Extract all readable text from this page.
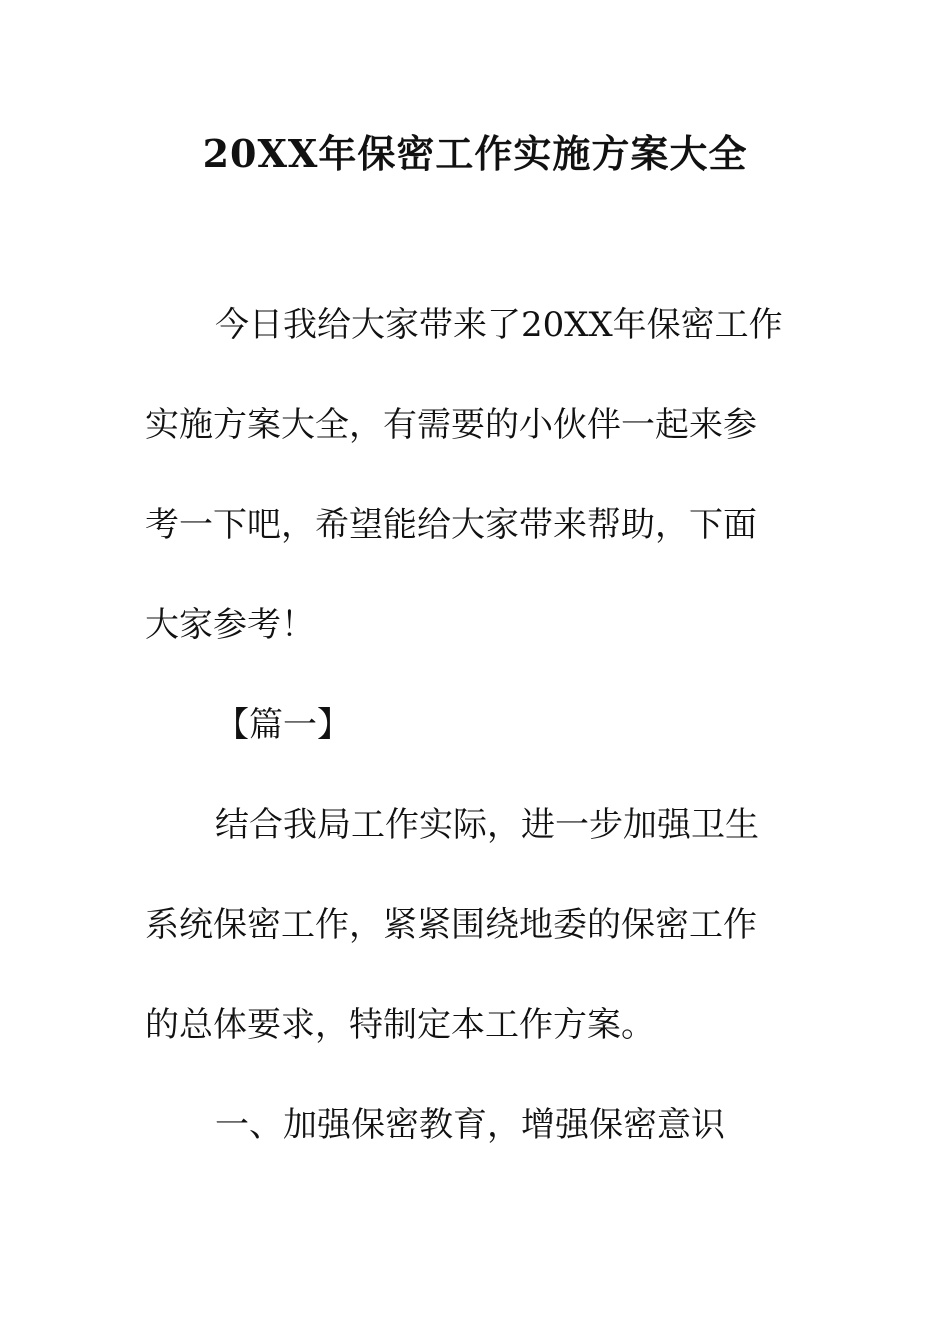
20XX年保密工作实施方案大全

今日我给大家带来了20XX年保密工作

实施方案大全，有需要的小伙伴一起来参

考一下吧，希望能给大家带来帮助，下面

大家参考！

【篇一】

结合我局工作实际，进一步加强卫生

系统保密工作，紧紧围绕地委的保密工作

的总体要求，特制定本工作方案。

一、加强保密教育，增强保密意识
